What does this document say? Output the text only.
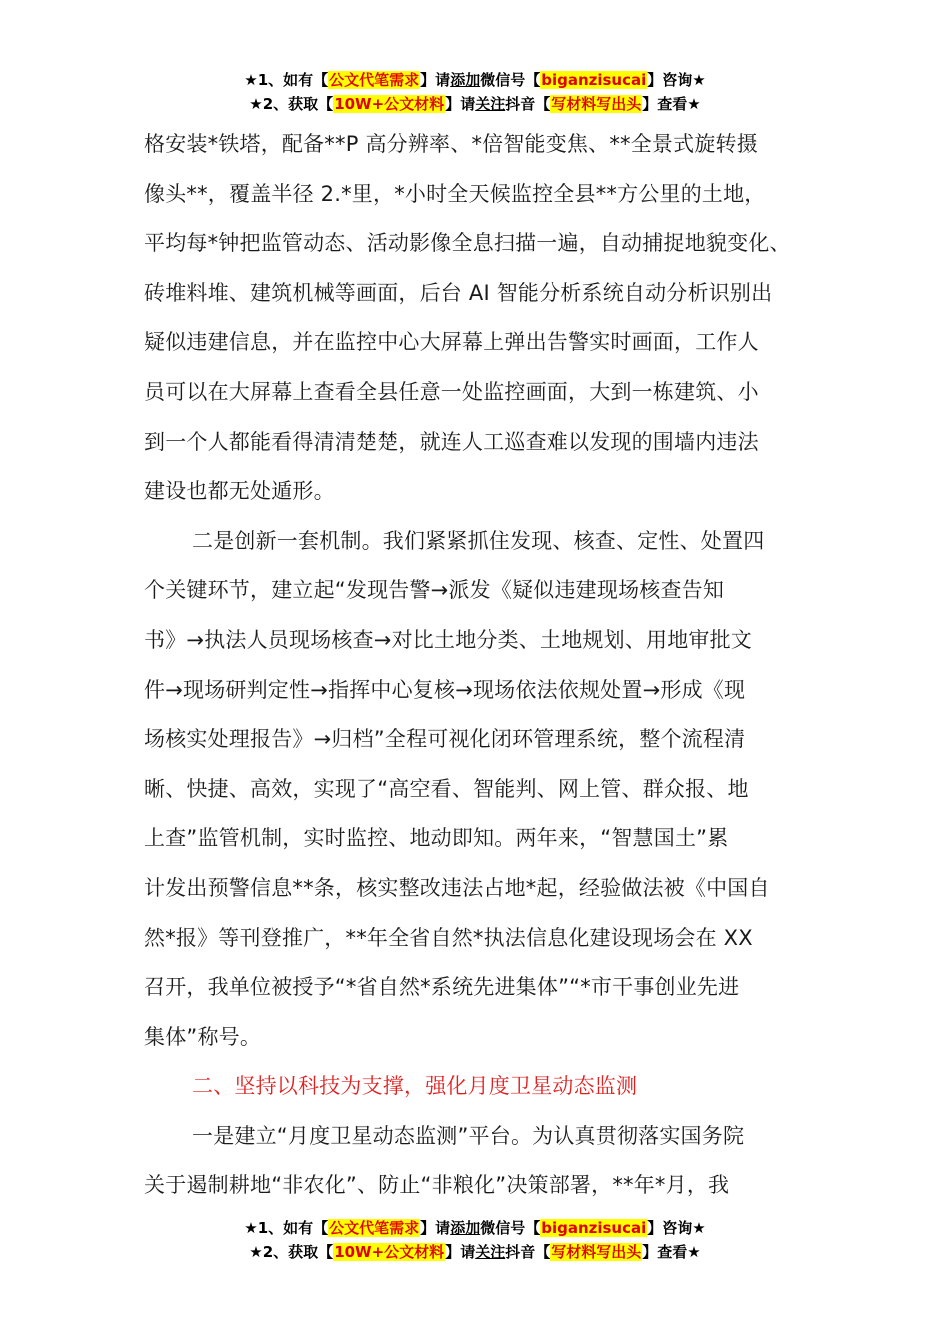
★1、如有【公文代笔需求】请添加微信号【biganzisucai】咨询★
★2、获取【10W+公文材料】请关注抖音【写材料写出头】查看★
格安装*铁塔，配备**P 高分辨率、*倍智能变焦、**全景式旋转摄
像头**，覆盖半径 2.*里，*小时全天候监控全县**方公里的土地，
平均每*钟把监管动态、活动影像全息扫描一遍，自动捕捉地貌变化、
砖堆料堆、建筑机械等画面，后台 AI 智能分析系统自动分析识别出
疑似违建信息，并在监控中心大屏幕上弹出告警实时画面，工作人
员可以在大屏幕上查看全县任意一处监控画面，大到一栋建筑、小
到一个人都能看得清清楚楚，就连人工巡查难以发现的围墙内违法
建设也都无处遁形。
二是创新一套机制。我们紧紧抓住发现、核查、定性、处置四
个关键环节，建立起“发现告警→派发《疑似违建现场核查告知
书》→执法人员现场核查→对比土地分类、土地规划、用地审批文
件→现场研判定性→指挥中心复核→现场依法依规处置→形成《现
场核实处理报告》→归档”全程可视化闭环管理系统，整个流程清
晰、快捷、高效，实现了“高空看、智能判、网上管、群众报、地
上查”监管机制，实时监控、地动即知。两年来，“智慧国土”累
计发出预警信息**条，核实整改违法占地*起，经验做法被《中国自
然*报》等刊登推广，**年全省自然*执法信息化建设现场会在 XX
召开，我单位被授予“*省自然*系统先进集体”“*市干事创业先进
集体”称号。
二、坚持以科技为支撑，强化月度卫星动态监测
一是建立“月度卫星动态监测”平台。为认真贯彻落实国务院
关于遏制耕地“非农化”、防止“非粮化”决策部署，**年*月，我
★1、如有【公文代笔需求】请添加微信号【biganzisucai】咨询★
★2、获取【10W+公文材料】请关注抖音【写材料写出头】查看★
